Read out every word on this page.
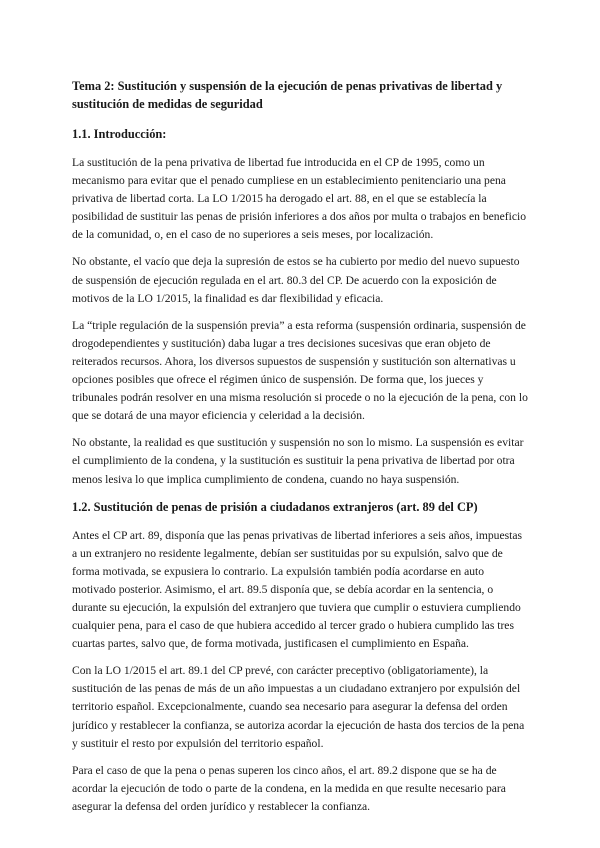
Tema 2: Sustitución y suspensión de la ejecución de penas privativas de libertad y sustitución de medidas de seguridad
1.1. Introducción:

La sustitución de la pena privativa de libertad fue introducida en el CP de 1995, como un mecanismo para evitar que el penado cumpliese en un establecimiento penitenciario una pena privativa de libertad corta. La LO 1/2015 ha derogado el art. 88, en el que se establecía la posibilidad de sustituir las penas de prisión inferiores a dos años por multa o trabajos en beneficio de la comunidad, o, en el caso de no superiores a seis meses, por localización.

No obstante, el vacío que deja la supresión de estos se ha cubierto por medio del nuevo supuesto de suspensión de ejecución regulada en el art. 80.3 del CP. De acuerdo con la exposición de motivos de la LO 1/2015, la finalidad es dar flexibilidad y eficacia.

La “triple regulación de la suspensión previa” a esta reforma (suspensión ordinaria, suspensión de drogodependientes y sustitución) daba lugar a tres decisiones sucesivas que eran objeto de reiterados recursos. Ahora, los diversos supuestos de suspensión y sustitución son alternativas u opciones posibles que ofrece el régimen único de suspensión. De forma que, los jueces y tribunales podrán resolver en una misma resolución si procede o no la ejecución de la pena, con lo que se dotará de una mayor eficiencia y celeridad a la decisión.

No obstante, la realidad es que sustitución y suspensión no son lo mismo. La suspensión es evitar el cumplimiento de la condena, y la sustitución es sustituir la pena privativa de libertad por otra menos lesiva lo que implica cumplimiento de condena, cuando no haya suspensión.

1.2. Sustitución de penas de prisión a ciudadanos extranjeros (art. 89 del CP)

Antes el CP art. 89, disponía que las penas privativas de libertad inferiores a seis años, impuestas a un extranjero no residente legalmente, debían ser sustituidas por su expulsión, salvo que de forma motivada, se expusiera lo contrario. La expulsión también podía acordarse en auto motivado posterior. Asimismo, el art. 89.5 disponía que, se debía acordar en la sentencia, o durante su ejecución, la expulsión del extranjero que tuviera que cumplir o estuviera cumpliendo cualquier pena, para el caso de que hubiera accedido al tercer grado o hubiera cumplido las tres cuartas partes, salvo que, de forma motivada, justificasen el cumplimiento en España.

Con la LO 1/2015 el art. 89.1 del CP prevé, con carácter preceptivo (obligatoriamente), la sustitución de las penas de más de un año impuestas a un ciudadano extranjero por expulsión del territorio español. Excepcionalmente, cuando sea necesario para asegurar la defensa del orden jurídico y restablecer la confianza, se autoriza acordar la ejecución de hasta dos tercios de la pena y sustituir el resto por expulsión del territorio español.

Para el caso de que la pena o penas superen los cinco años, el art. 89.2 dispone que se ha de acordar la ejecución de todo o parte de la condena, en la medida en que resulte necesario para asegurar la defensa del orden jurídico y restablecer la confianza.
